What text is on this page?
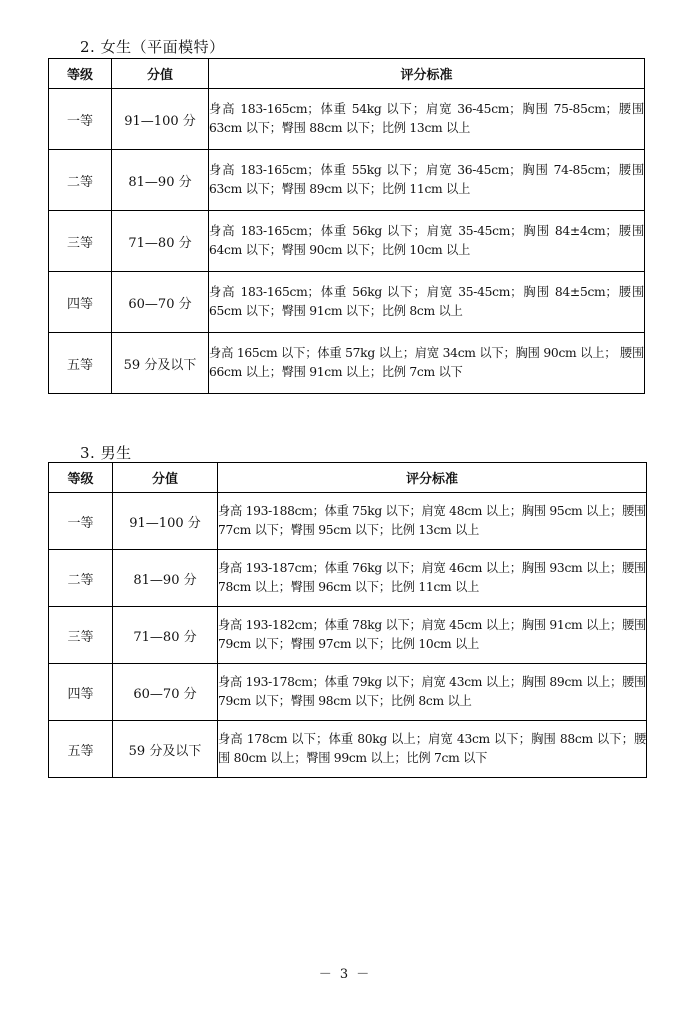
2. 女生（平面模特）
等级	分值	评分标准
一等	91—100 分	身高 183-165cm；体重 54kg 以下；肩宽 36-45cm；胸围 75-85cm；腰围 63cm 以下；臀围 88cm 以下；比例 13cm 以上
二等	81—90 分	身高 183-165cm；体重 55kg 以下；肩宽 36-45cm；胸围 74-85cm；腰围 63cm 以下；臀围 89cm 以下；比例 11cm 以上
三等	71—80 分	身高 183-165cm；体重 56kg 以下；肩宽 35-45cm；胸围 84±4cm；腰围 64cm 以下；臀围 90cm 以下；比例 10cm 以上
四等	60—70 分	身高 183-165cm；体重 56kg 以下；肩宽 35-45cm；胸围 84±5cm；腰围 65cm 以下；臀围 91cm 以下；比例 8cm 以上
五等	59 分及以下	身高 165cm 以下；体重 57kg 以上；肩宽 34cm 以下；胸围 90cm 以上； 腰围 66cm 以上；臀围 91cm 以上；比例 7cm 以下
3. 男生
等级	分值	评分标准
一等	91—100 分	身高 193-188cm；体重 75kg 以下；肩宽 48cm 以上；胸围 95cm 以上；腰围 77cm 以下；臀围 95cm 以下；比例 13cm 以上
二等	81—90 分	身高 193-187cm；体重 76kg 以下；肩宽 46cm 以上；胸围 93cm 以上；腰围 78cm 以上；臀围 96cm 以下；比例 11cm 以上
三等	71—80 分	身高 193-182cm；体重 78kg 以下；肩宽 45cm 以上；胸围 91cm 以上；腰围 79cm 以下；臀围 97cm 以下；比例 10cm 以上
四等	60—70 分	身高 193-178cm；体重 79kg 以下；肩宽 43cm 以上；胸围 89cm 以上；腰围 79cm 以下；臀围 98cm 以下；比例 8cm 以上
五等	59 分及以下	身高 178cm 以下；体重 80kg 以上；肩宽 43cm 以下；胸围 88cm 以下；腰围 80cm 以上；臀围 99cm 以上；比例 7cm 以下
－ 3 －
